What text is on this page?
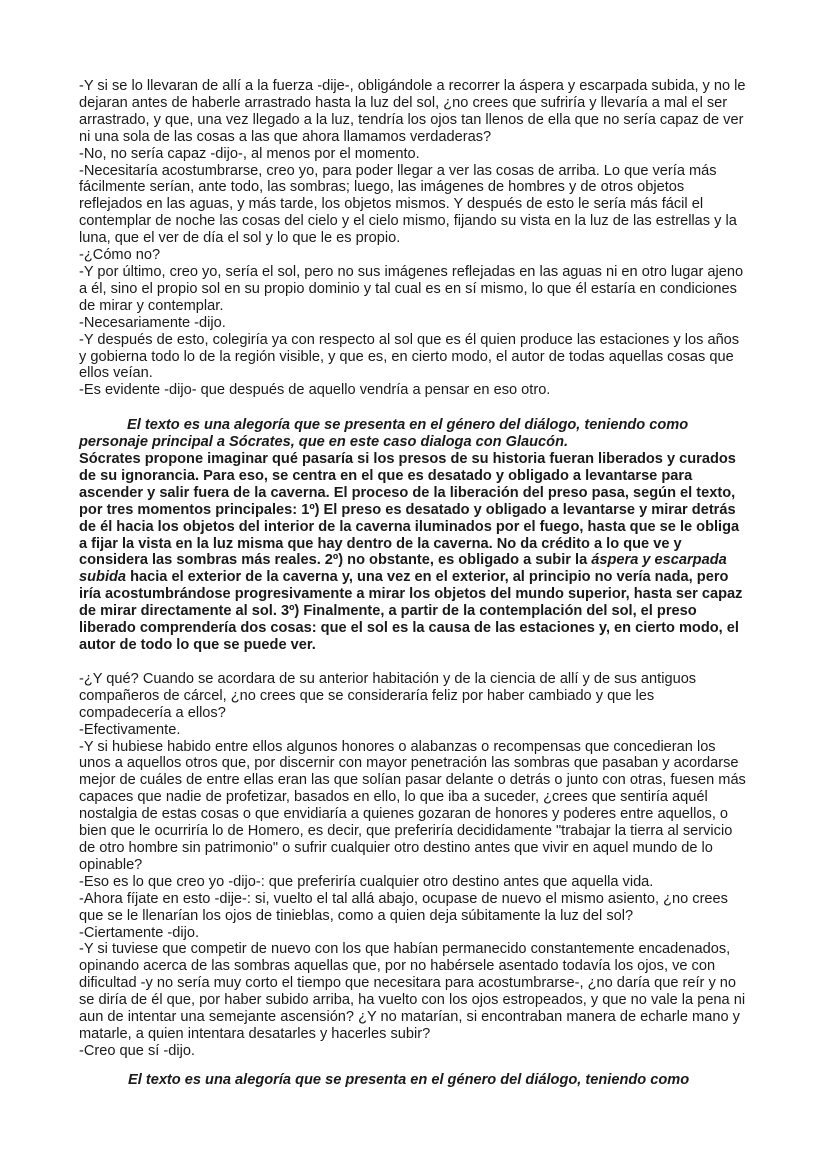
-Y si se lo llevaran de allí a la fuerza -dije-, obligándole a recorrer la áspera y escarpada subida, y no le
dejaran antes de haberle arrastrado hasta la luz del sol, ¿no crees que sufriría y llevaría a mal el ser
arrastrado, y que, una vez llegado a la luz, tendría los ojos tan llenos de ella que no sería capaz de ver
ni una sola de las cosas a las que ahora llamamos verdaderas?
-No, no sería capaz -dijo-, al menos por el momento.
-Necesitaría acostumbrarse, creo yo, para poder llegar a ver las cosas de arriba. Lo que vería más
fácilmente serían, ante todo, las sombras; luego, las imágenes de hombres y de otros objetos
reflejados en las aguas, y más tarde, los objetos mismos. Y después de esto le sería más fácil el
contemplar de noche las cosas del cielo y el cielo mismo, fijando su vista en la luz de las estrellas y la
luna, que el ver de día el sol y lo que le es propio.
-¿Cómo no?
-Y por último, creo yo, sería el sol, pero no sus imágenes reflejadas en las aguas ni en otro lugar ajeno
a él, sino el propio sol en su propio dominio y tal cual es en sí mismo, lo que él estaría en condiciones
de mirar y contemplar.
-Necesariamente -dijo.
-Y después de esto, colegiría ya con respecto al sol que es él quien produce las estaciones y los años
y gobierna todo lo de la región visible, y que es, en cierto modo, el autor de todas aquellas cosas que
ellos veían.
-Es evidente -dijo- que después de aquello vendría a pensar en eso otro.
El texto es una alegoría que se presenta en el género del diálogo, teniendo como
personaje principal a Sócrates, que en este caso dialoga con Glaucón.
Sócrates propone imaginar qué pasaría si los presos de su historia fueran liberados y curados
de su ignorancia. Para eso, se centra en el que es desatado y obligado a levantarse para
ascender y salir fuera de la caverna. El proceso de la liberación del preso pasa, según el texto,
por tres momentos principales: 1º) El preso es desatado y obligado a levantarse y mirar detrás
de él hacia los objetos del interior de la caverna iluminados por el fuego, hasta que se le obliga
a fijar la vista en la luz misma que hay dentro de la caverna. No da crédito a lo que ve y
considera las sombras más reales. 2º) no obstante, es obligado a subir la áspera y escarpada
subida hacia el exterior de la caverna y, una vez en el exterior, al principio no vería nada, pero
iría acostumbrándose progresivamente a mirar los objetos del mundo superior, hasta ser capaz
de mirar directamente al sol. 3º) Finalmente, a partir de la contemplación del sol, el preso
liberado comprendería dos cosas: que el sol es la causa de las estaciones y, en cierto modo, el
autor de todo lo que se puede ver.
-¿Y qué? Cuando se acordara de su anterior habitación y de la ciencia de allí y de sus antiguos
compañeros de cárcel, ¿no crees que se consideraría feliz por haber cambiado y que les
compadecería a ellos?
-Efectivamente.
-Y si hubiese habido entre ellos algunos honores o alabanzas o recompensas que concedieran los
unos a aquellos otros que, por discernir con mayor penetración las sombras que pasaban y acordarse
mejor de cuáles de entre ellas eran las que solían pasar delante o detrás o junto con otras, fuesen más
capaces que nadie de profetizar, basados en ello, lo que iba a suceder, ¿crees que sentiría aquél
nostalgia de estas cosas o que envidiaría a quienes gozaran de honores y poderes entre aquellos, o
bien que le ocurriría lo de Homero, es decir, que preferiría decididamente "trabajar la tierra al servicio
de otro hombre sin patrimonio" o sufrir cualquier otro destino antes que vivir en aquel mundo de lo
opinable?
-Eso es lo que creo yo -dijo-: que preferiría cualquier otro destino antes que aquella vida.
-Ahora fíjate en esto -dije-: si, vuelto el tal allá abajo, ocupase de nuevo el mismo asiento, ¿no crees
que se le llenarían los ojos de tinieblas, como a quien deja súbitamente la luz del sol?
-Ciertamente -dijo.
-Y si tuviese que competir de nuevo con los que habían permanecido constantemente encadenados,
opinando acerca de las sombras aquellas que, por no habérsele asentado todavía los ojos, ve con
dificultad -y no sería muy corto el tiempo que necesitara para acostumbrarse-, ¿no daría que reír y no
se diría de él que, por haber subido arriba, ha vuelto con los ojos estropeados, y que no vale la pena ni
aun de intentar una semejante ascensión? ¿Y no matarían, si encontraban manera de echarle mano y
matarle, a quien intentara desatarles y hacerles subir?
-Creo que sí -dijo.
El texto es una alegoría que se presenta en el género del diálogo, teniendo como
